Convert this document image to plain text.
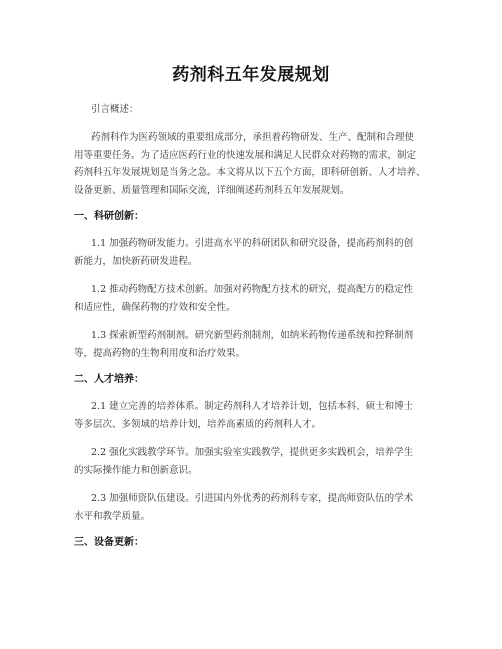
药剂科五年发展规划
引言概述：
药剂科作为医药领域的重要组成部分，承担着药物研发、生产、配制和合理使
用等重要任务。为了适应医药行业的快速发展和满足人民群众对药物的需求，制定
药剂科五年发展规划是当务之急。本文将从以下五个方面，即科研创新、人才培养、
设备更新、质量管理和国际交流，详细阐述药剂科五年发展规划。
一、科研创新：
1.1 加强药物研发能力。引进高水平的科研团队和研究设备，提高药剂科的创
新能力，加快新药研发进程。
1.2 推动药物配方技术创新。加强对药物配方技术的研究，提高配方的稳定性
和适应性，确保药物的疗效和安全性。
1.3 探索新型药剂制剂。研究新型药剂制剂，如纳米药物传递系统和控释制剂
等，提高药物的生物利用度和治疗效果。
二、人才培养：
2.1 建立完善的培养体系。制定药剂科人才培养计划，包括本科、硕士和博士
等多层次、多领域的培养计划，培养高素质的药剂科人才。
2.2 强化实践教学环节。加强实验室实践教学，提供更多实践机会，培养学生
的实际操作能力和创新意识。
2.3 加强师资队伍建设。引进国内外优秀的药剂科专家，提高师资队伍的学术
水平和教学质量。
三、设备更新：
